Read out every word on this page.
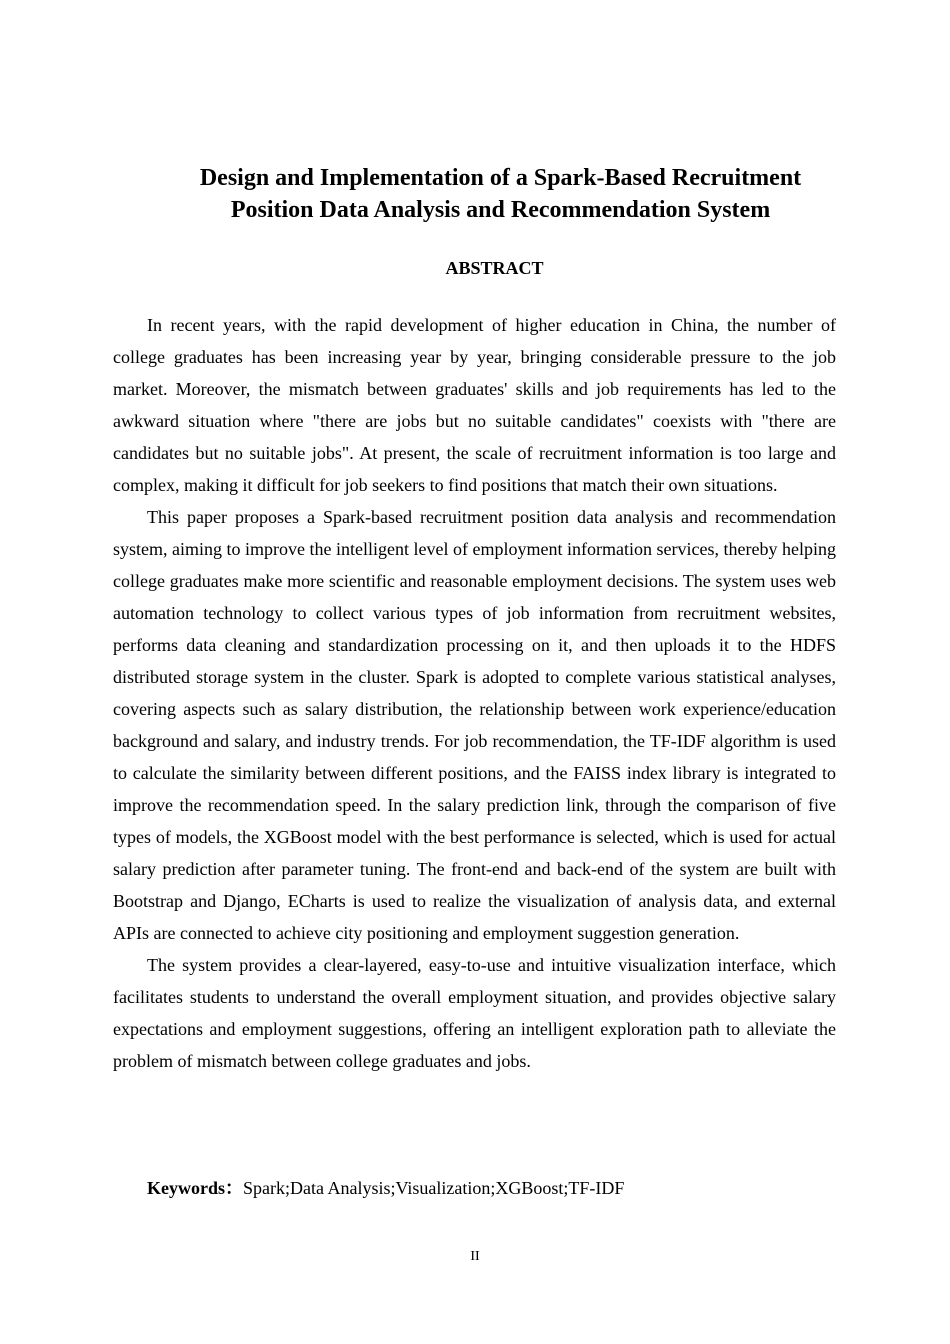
Design and Implementation of a Spark-Based Recruitment
Position Data Analysis and Recommendation System
ABSTRACT

In recent years, with the rapid development of higher education in China, the number of college graduates has been increasing year by year, bringing considerable pressure to the job market. Moreover, the mismatch between graduates' skills and job requirements has led to the awkward situation where "there are jobs but no suitable candidates" coexists with "there are candidates but no suitable jobs". At present, the scale of recruitment information is too large and complex, making it difficult for job seekers to find positions that match their own situations.

This paper proposes a Spark-based recruitment position data analysis and recommendation system, aiming to improve the intelligent level of employment information services, thereby helping college graduates make more scientific and reasonable employment decisions. The system uses web automation technology to collect various types of job information from recruitment websites, performs data cleaning and standardization processing on it, and then uploads it to the HDFS distributed storage system in the cluster. Spark is adopted to complete various statistical analyses, covering aspects such as salary distribution, the relationship between work experience/education background and salary, and industry trends. For job recommendation, the TF-IDF algorithm is used to calculate the similarity between different positions, and the FAISS index library is integrated to improve the recommendation speed. In the salary prediction link, through the comparison of five types of models, the XGBoost model with the best performance is selected, which is used for actual salary prediction after parameter tuning. The front-end and back-end of the system are built with Bootstrap and Django, ECharts is used to realize the visualization of analysis data, and external APIs are connected to achieve city positioning and employment suggestion generation.

The system provides a clear-layered, easy-to-use and intuitive visualization interface, which facilitates students to understand the overall employment situation, and provides objective salary expectations and employment suggestions, offering an intelligent exploration path to alleviate the problem of mismatch between college graduates and jobs.

Keywords：Spark;Data Analysis;Visualization;XGBoost;TF-IDF
II
